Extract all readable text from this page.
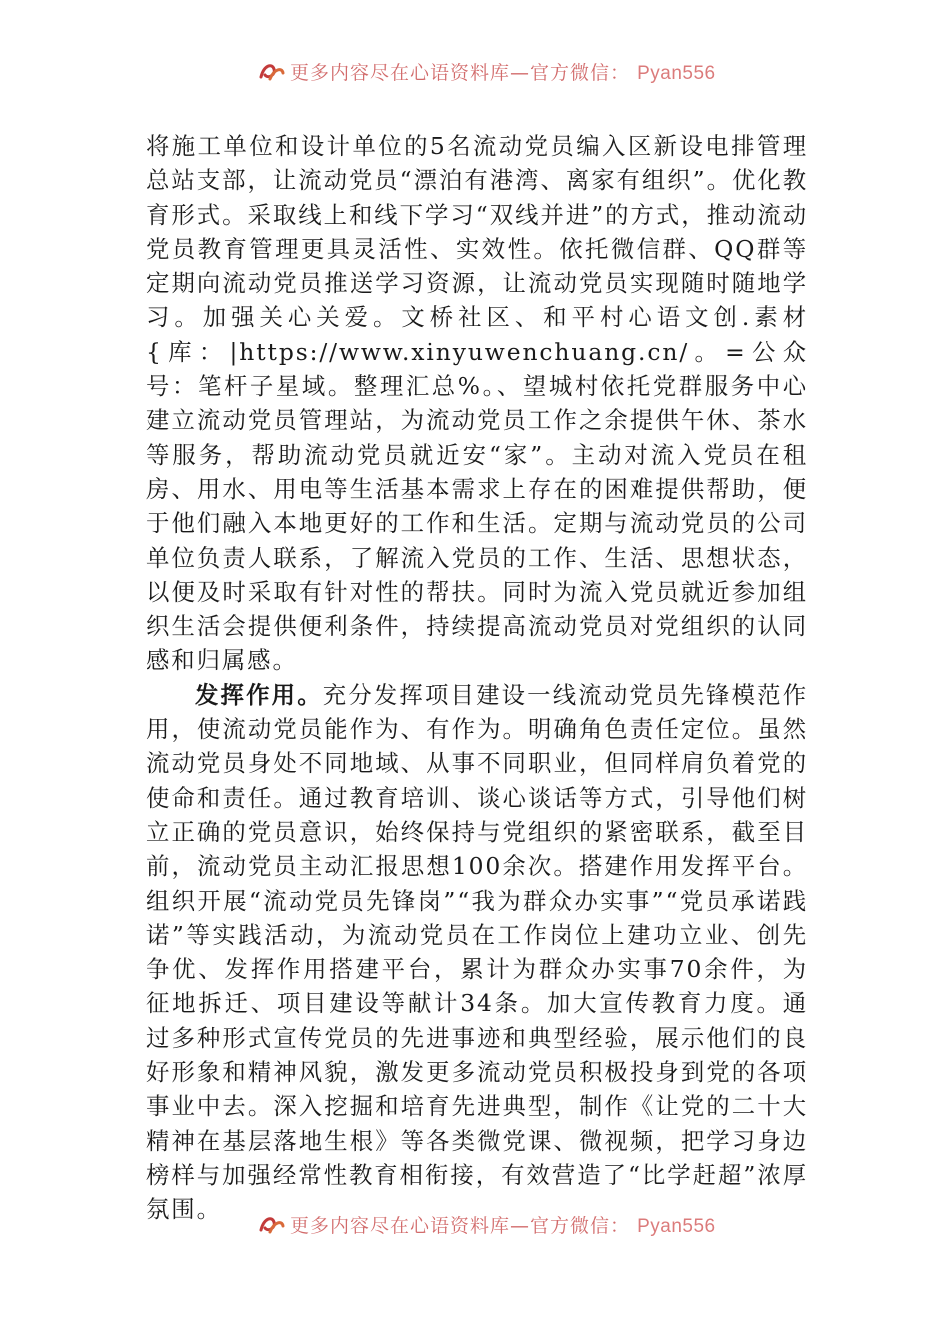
更多内容尽在心语资料库—官方微信： Pyan556

将施工单位和设计单位的5名流动党员编入区新设电排管理总站支部，让流动党员“漂泊有港湾、离家有组织”。优化教育形式。采取线上和线下学习“双线并进”的方式，推动流动党员教育管理更具灵活性、实效性。依托微信群、QQ群等定期向流动党员推送学习资源，让流动党员实现随时随地学习。加强关心关爱。文桥社区、和平村心语文创.素材{库：|https://www.xinyuwenchuang.cn/。=公众号：笔杆子星域。整理汇总%。、望城村依托党群服务中心建立流动党员管理站，为流动党员工作之余提供午休、茶水等服务，帮助流动党员就近安“家”。主动对流入党员在租房、用水、用电等生活基本需求上存在的困难提供帮助，便于他们融入本地更好的工作和生活。定期与流动党员的公司单位负责人联系，了解流入党员的工作、生活、思想状态，以便及时采取有针对性的帮扶。同时为流入党员就近参加组织生活会提供便利条件，持续提高流动党员对党组织的认同感和归属感。

发挥作用。充分发挥项目建设一线流动党员先锋模范作用，使流动党员能作为、有作为。明确角色责任定位。虽然流动党员身处不同地域、从事不同职业，但同样肩负着党的使命和责任。通过教育培训、谈心谈话等方式，引导他们树立正确的党员意识，始终保持与党组织的紧密联系，截至目前，流动党员主动汇报思想100余次。搭建作用发挥平台。组织开展“流动党员先锋岗”“我为群众办实事”“党员承诺践诺”等实践活动，为流动党员在工作岗位上建功立业、创先争优、发挥作用搭建平台，累计为群众办实事70余件，为征地拆迁、项目建设等献计34条。加大宣传教育力度。通过多种形式宣传党员的先进事迹和典型经验，展示他们的良好形象和精神风貌，激发更多流动党员积极投身到党的各项事业中去。深入挖掘和培育先进典型，制作《让党的二十大精神在基层落地生根》等各类微党课、微视频，把学习身边榜样与加强经常性教育相衔接，有效营造了“比学赶超”浓厚氛围。

更多内容尽在心语资料库—官方微信： Pyan556
